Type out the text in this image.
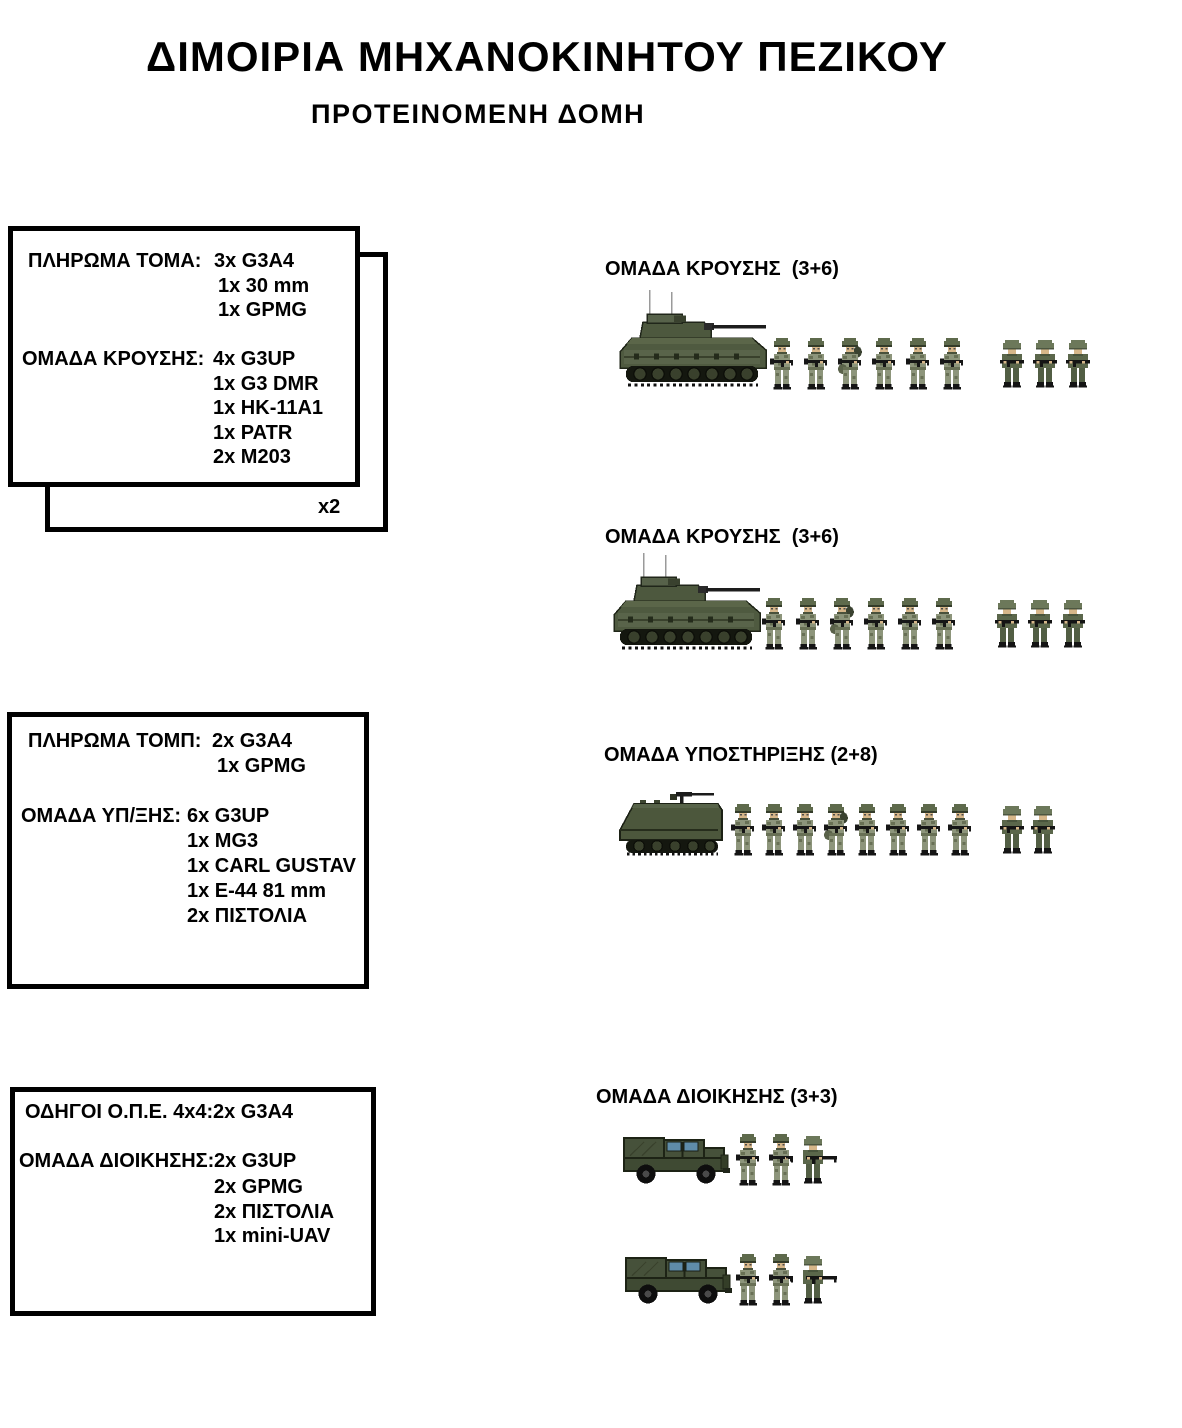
ΔΙΜΟΙΡΙΑ ΜΗΧΑΝΟΚΙΝΗΤΟΥ ΠΕΖΙΚΟΥ
ΠΡΟΤΕΙΝΟΜΕΝΗ ΔΟΜΗ
x2
ΠΛΗΡΩΜΑ ΤΟΜΑ: 3x G3A4
1x 30 mm
1x GPMG
ΟΜΑΔΑ ΚΡΟΥΣΗΣ: 4x G3UP
1x G3 DMR
1x HK-11A1
1x PATR
2x M203
ΠΛΗΡΩΜΑ ΤΟΜΠ: 2x G3A4
1x GPMG
ΟΜΑΔΑ ΥΠ/ΞΗΣ: 6x G3UP
1x MG3
1x CARL GUSTAV
1x E-44 81 mm
2x ΠΙΣΤΟΛΙΑ
ΟΔΗΓΟΙ Ο.Π.Ε. 4x4: 2x G3A4
ΟΜΑΔΑ ΔΙΟΙΚΗΣΗΣ: 2x G3UP
2x GPMG
2x ΠΙΣΤΟΛΙΑ
1x mini-UAV
ΟΜΑΔΑ ΚΡΟΥΣΗΣ  (3+6)
ΟΜΑΔΑ ΚΡΟΥΣΗΣ  (3+6)
ΟΜΑΔΑ ΥΠΟΣΤΗΡΙΞΗΣ (2+8)
ΟΜΑΔΑ ΔΙΟΙΚΗΣΗΣ (3+3)
